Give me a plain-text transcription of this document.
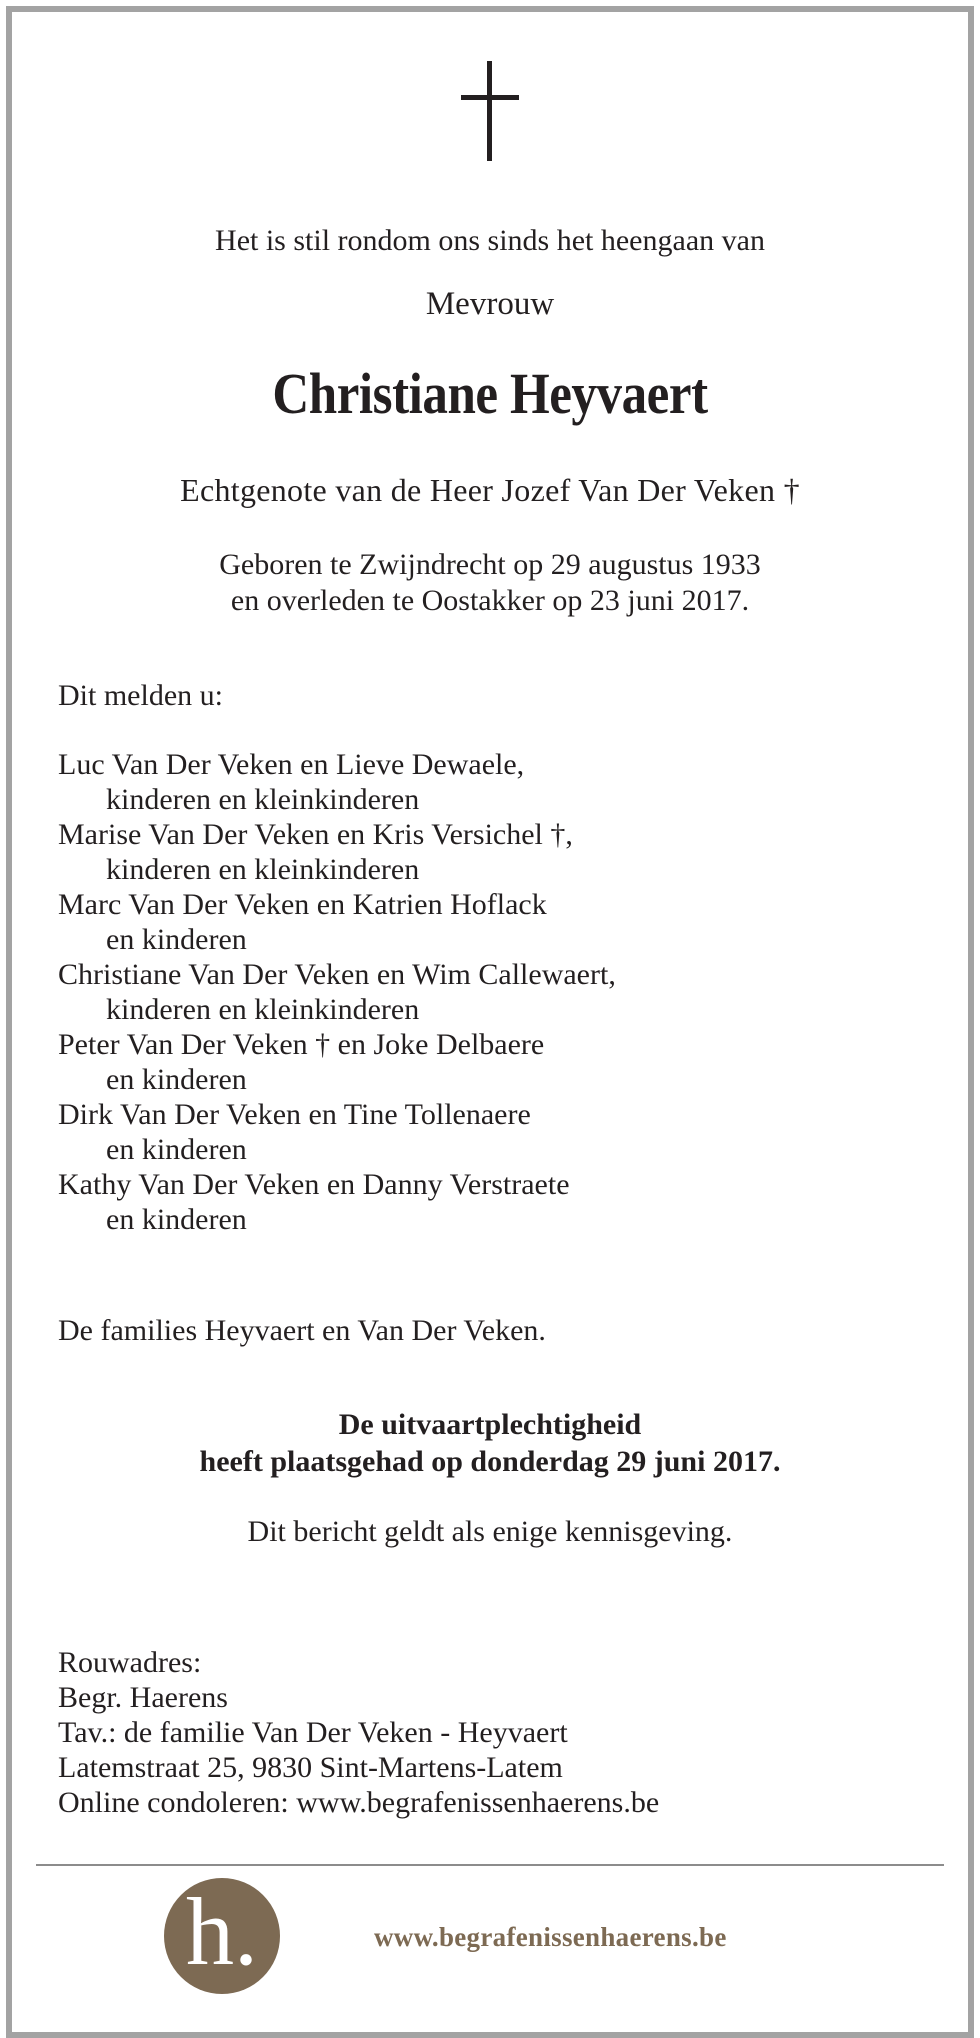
Het is stil rondom ons sinds het heengaan van
Mevrouw
Christiane Heyvaert
Echtgenote van de Heer Jozef Van Der Veken †
Geboren te Zwijndrecht op 29 augustus 1933
en overleden te Oostakker op 23 juni 2017.
Dit melden u:
Luc Van Der Veken en Lieve Dewaele,
kinderen en kleinkinderen
Marise Van Der Veken en Kris Versichel †,
kinderen en kleinkinderen
Marc Van Der Veken en Katrien Hoflack
en kinderen
Christiane Van Der Veken en Wim Callewaert,
kinderen en kleinkinderen
Peter Van Der Veken † en Joke Delbaere
en kinderen
Dirk Van Der Veken en Tine Tollenaere
en kinderen
Kathy Van Der Veken en Danny Verstraete
en kinderen
De families Heyvaert en Van Der Veken.
De uitvaartplechtigheid
heeft plaatsgehad op donderdag 29 juni 2017.
Dit bericht geldt als enige kennisgeving.
Rouwadres:
Begr. Haerens
Tav.: de familie Van Der Veken - Heyvaert
Latemstraat 25, 9830 Sint-Martens-Latem
Online condoleren: www.begrafenissenhaerens.be
h.	www.begrafenissenhaerens.be
